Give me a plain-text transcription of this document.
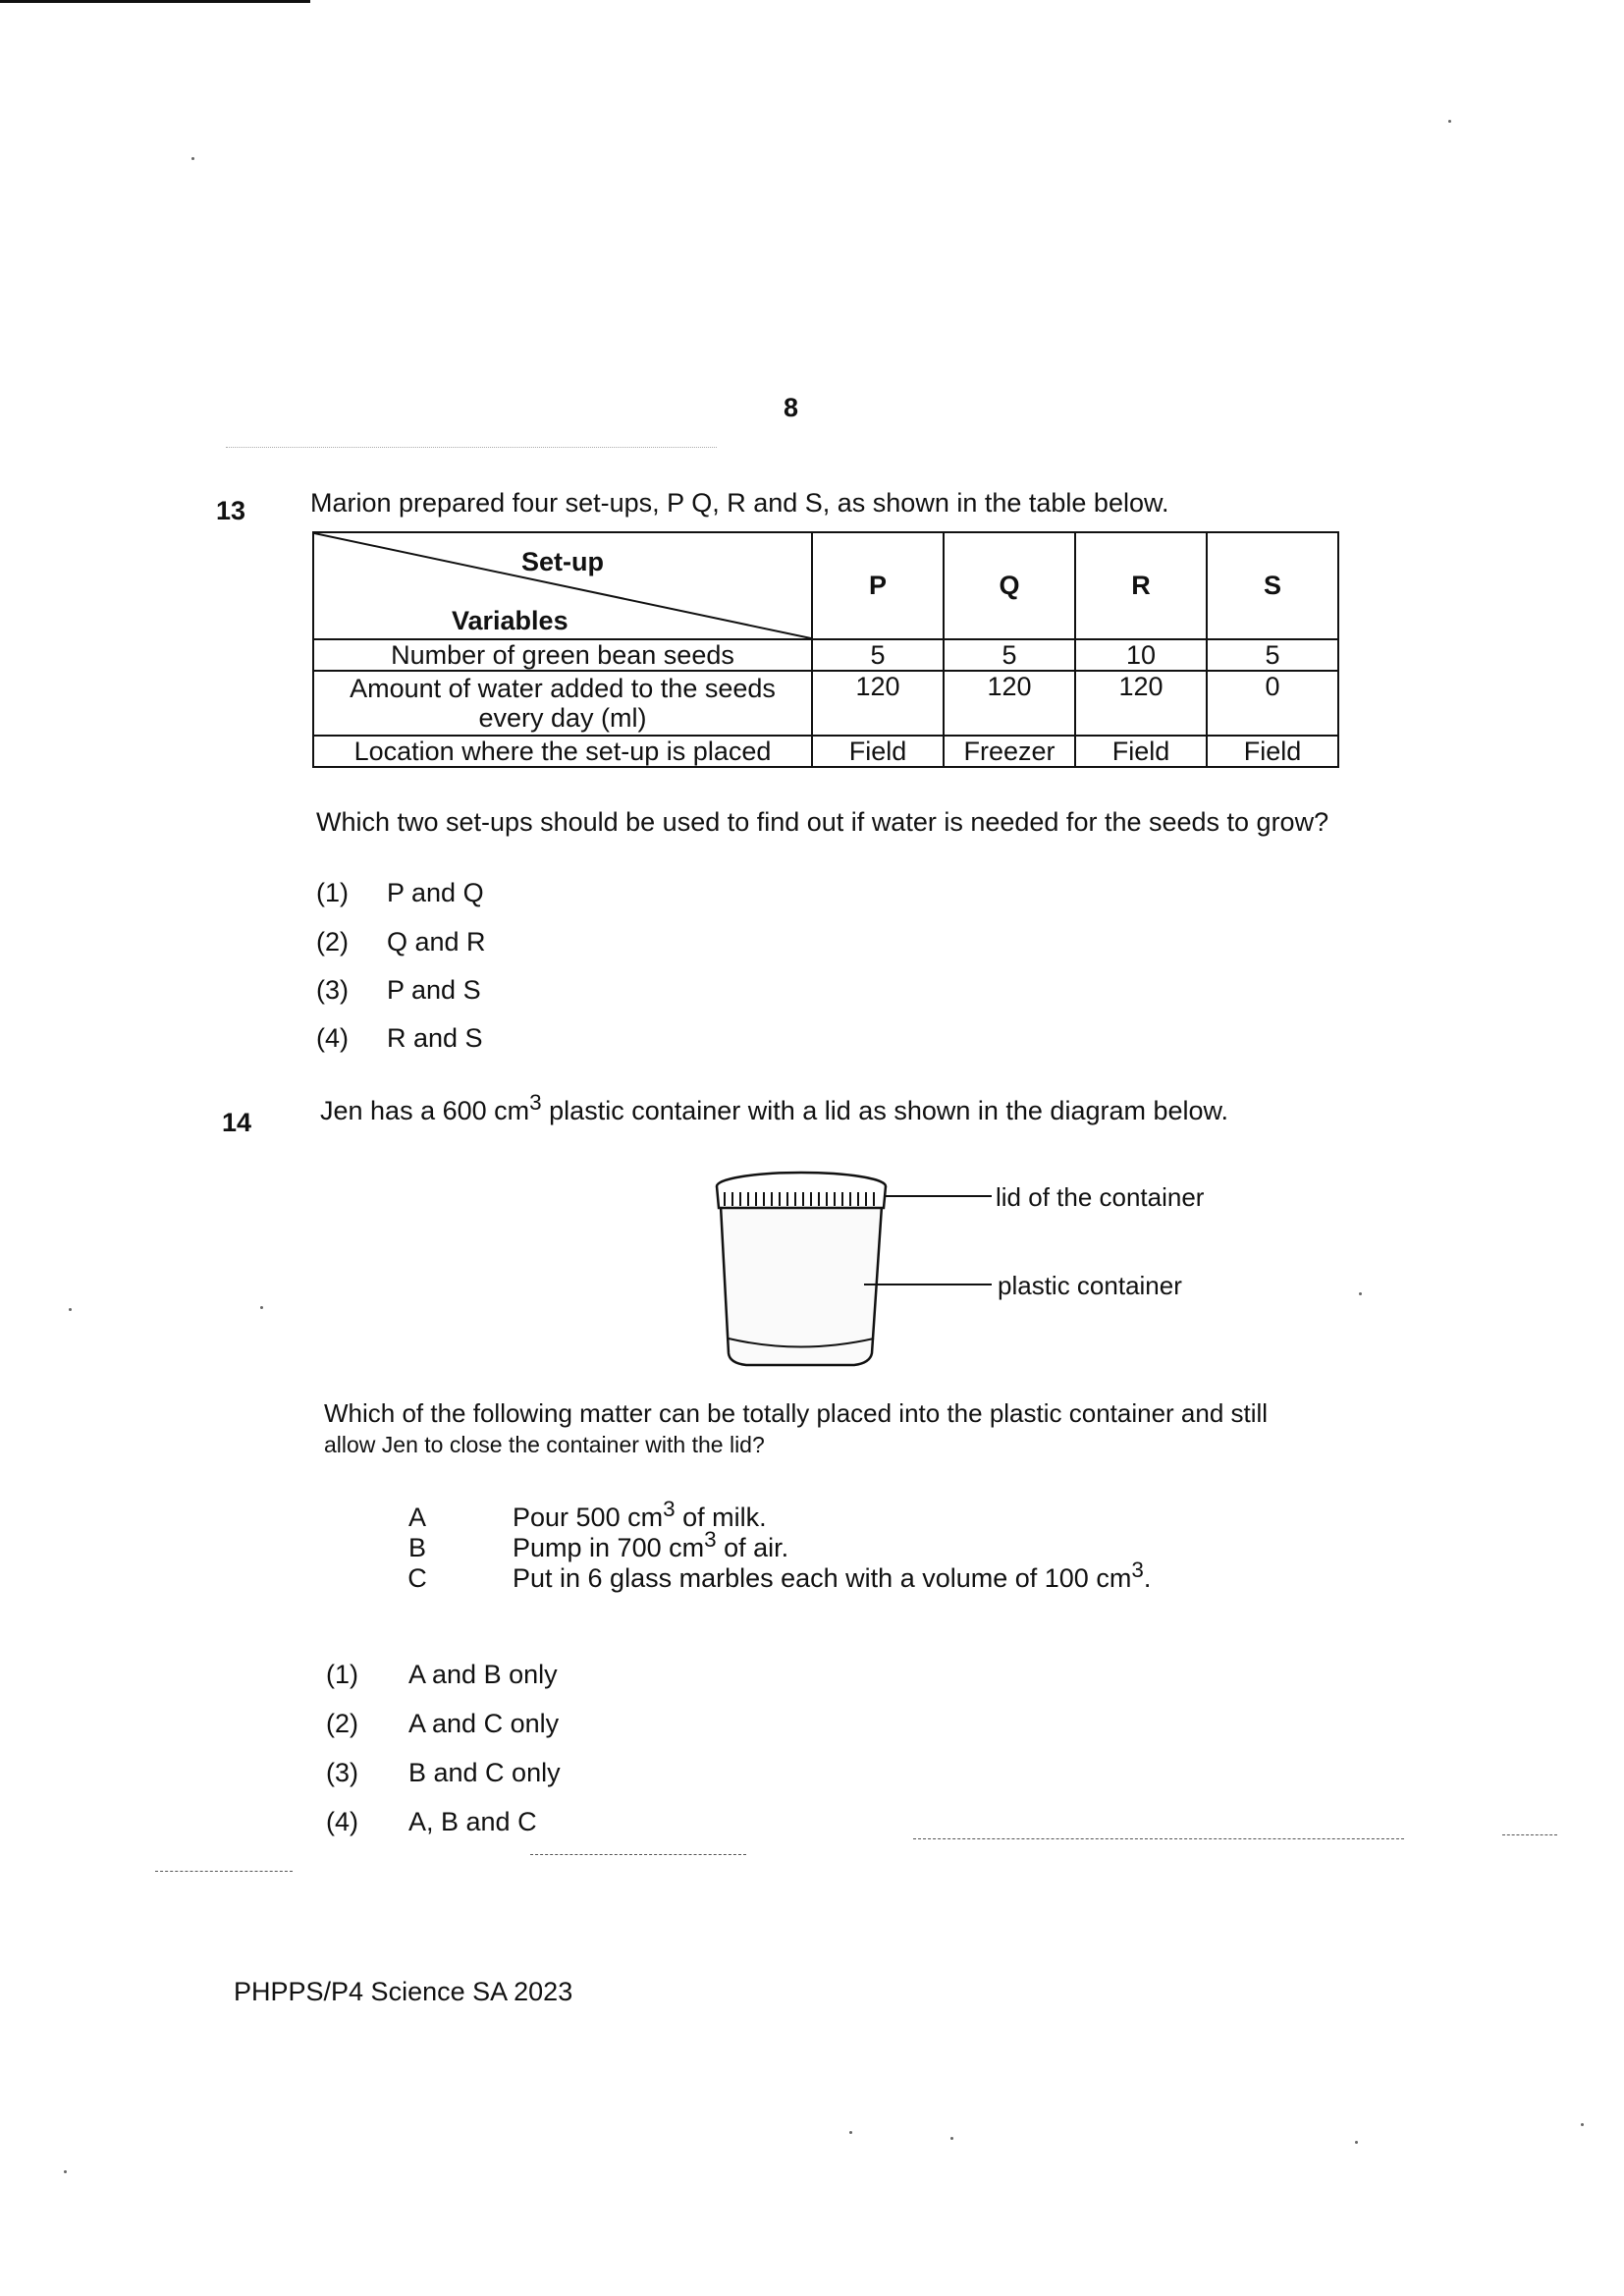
8
13 Marion prepared four set-ups, P Q, R and S, as shown in the table below.
Set-up
Variables	P	Q	R	S
Number of green bean seeds	5	5	10	5
Amount of water added to the seeds every day (ml)	120	120	120	0
Location where the set-up is placed	Field	Freezer	Field	Field
Which two set-ups should be used to find out if water is needed for the seeds to grow?
(1) P and Q
(2) Q and R
(3) P and S
(4) R and S
14	Jen has a 600 $cm^3$ plastic container with a lid as shown in the diagram below.
lid of the container
plastic container
Which of the following matter can be totally placed into the plastic container and still
allow Jen to close the container with the lid?
A	Pour 500 $cm^3$ of milk.
B	Pump in 700 $cm^3$ of air.
C	Put in 6 glass marbles each with a volume of 100 $cm^3$.
(1) A and B only
(2) A and C only
(3) B and C only
(4) A, B and C
PHPPS/P4 Science SA 2023
